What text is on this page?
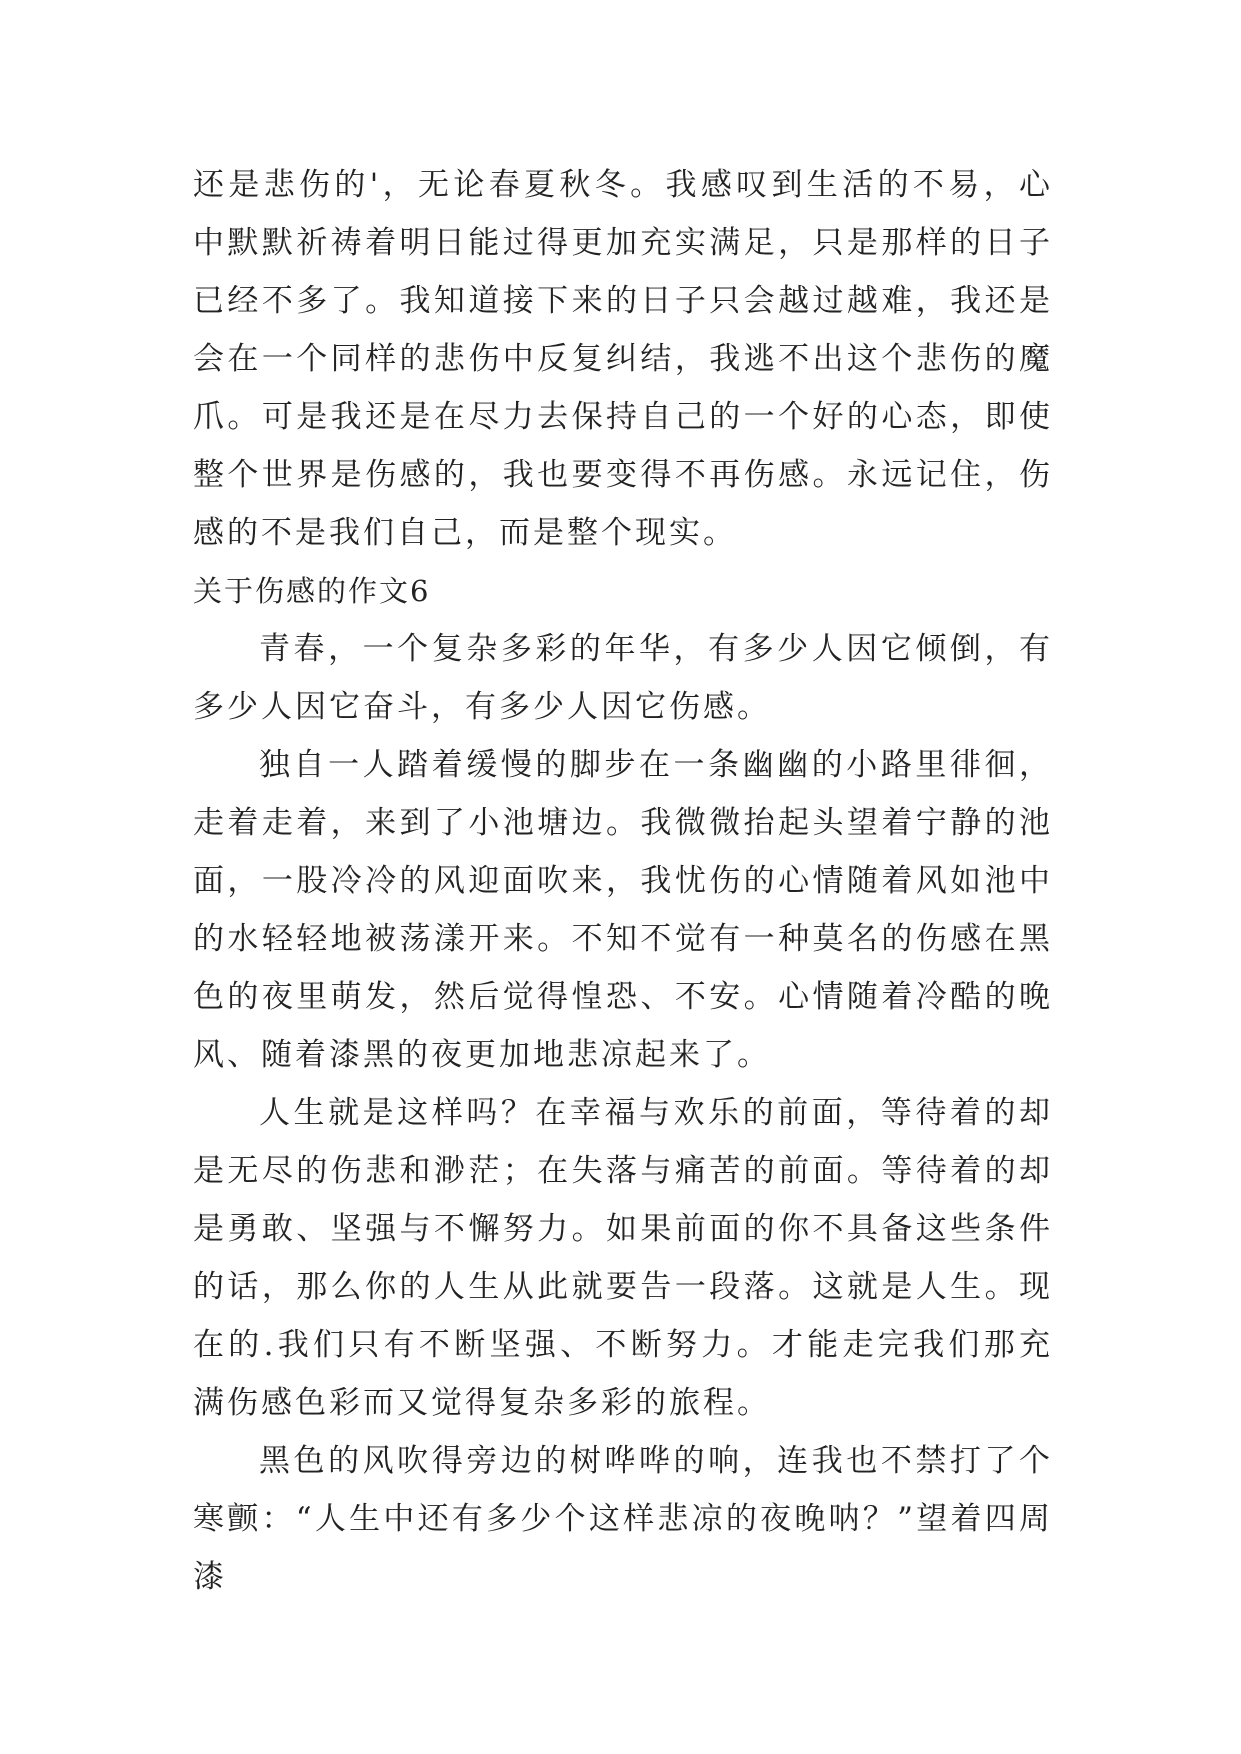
还是悲伤的'，无论春夏秋冬。我感叹到生活的不易，心中默默祈祷着明日能过得更加充实满足，只是那样的日子已经不多了。我知道接下来的日子只会越过越难，我还是会在一个同样的悲伤中反复纠结，我逃不出这个悲伤的魔爪。可是我还是在尽力去保持自己的一个好的心态，即使整个世界是伤感的，我也要变得不再伤感。永远记住，伤感的不是我们自己，而是整个现实。

关于伤感的作文6

青春，一个复杂多彩的年华，有多少人因它倾倒，有多少人因它奋斗，有多少人因它伤感。

独自一人踏着缓慢的脚步在一条幽幽的小路里徘徊，走着走着，来到了小池塘边。我微微抬起头望着宁静的池面，一股冷冷的风迎面吹来，我忧伤的心情随着风如池中的水轻轻地被荡漾开来。不知不觉有一种莫名的伤感在黑色的夜里萌发，然后觉得惶恐、不安。心情随着冷酷的晚风、随着漆黑的夜更加地悲凉起来了。

人生就是这样吗？在幸福与欢乐的前面，等待着的却是无尽的伤悲和渺茫；在失落与痛苦的前面。等待着的却是勇敢、坚强与不懈努力。如果前面的你不具备这些条件的话，那么你的人生从此就要告一段落。这就是人生。现在的.我们只有不断坚强、不断努力。才能走完我们那充满伤感色彩而又觉得复杂多彩的旅程。

黑色的风吹得旁边的树哗哗的响，连我也不禁打了个寒颤：“人生中还有多少个这样悲凉的夜晚呐？”望着四周漆
